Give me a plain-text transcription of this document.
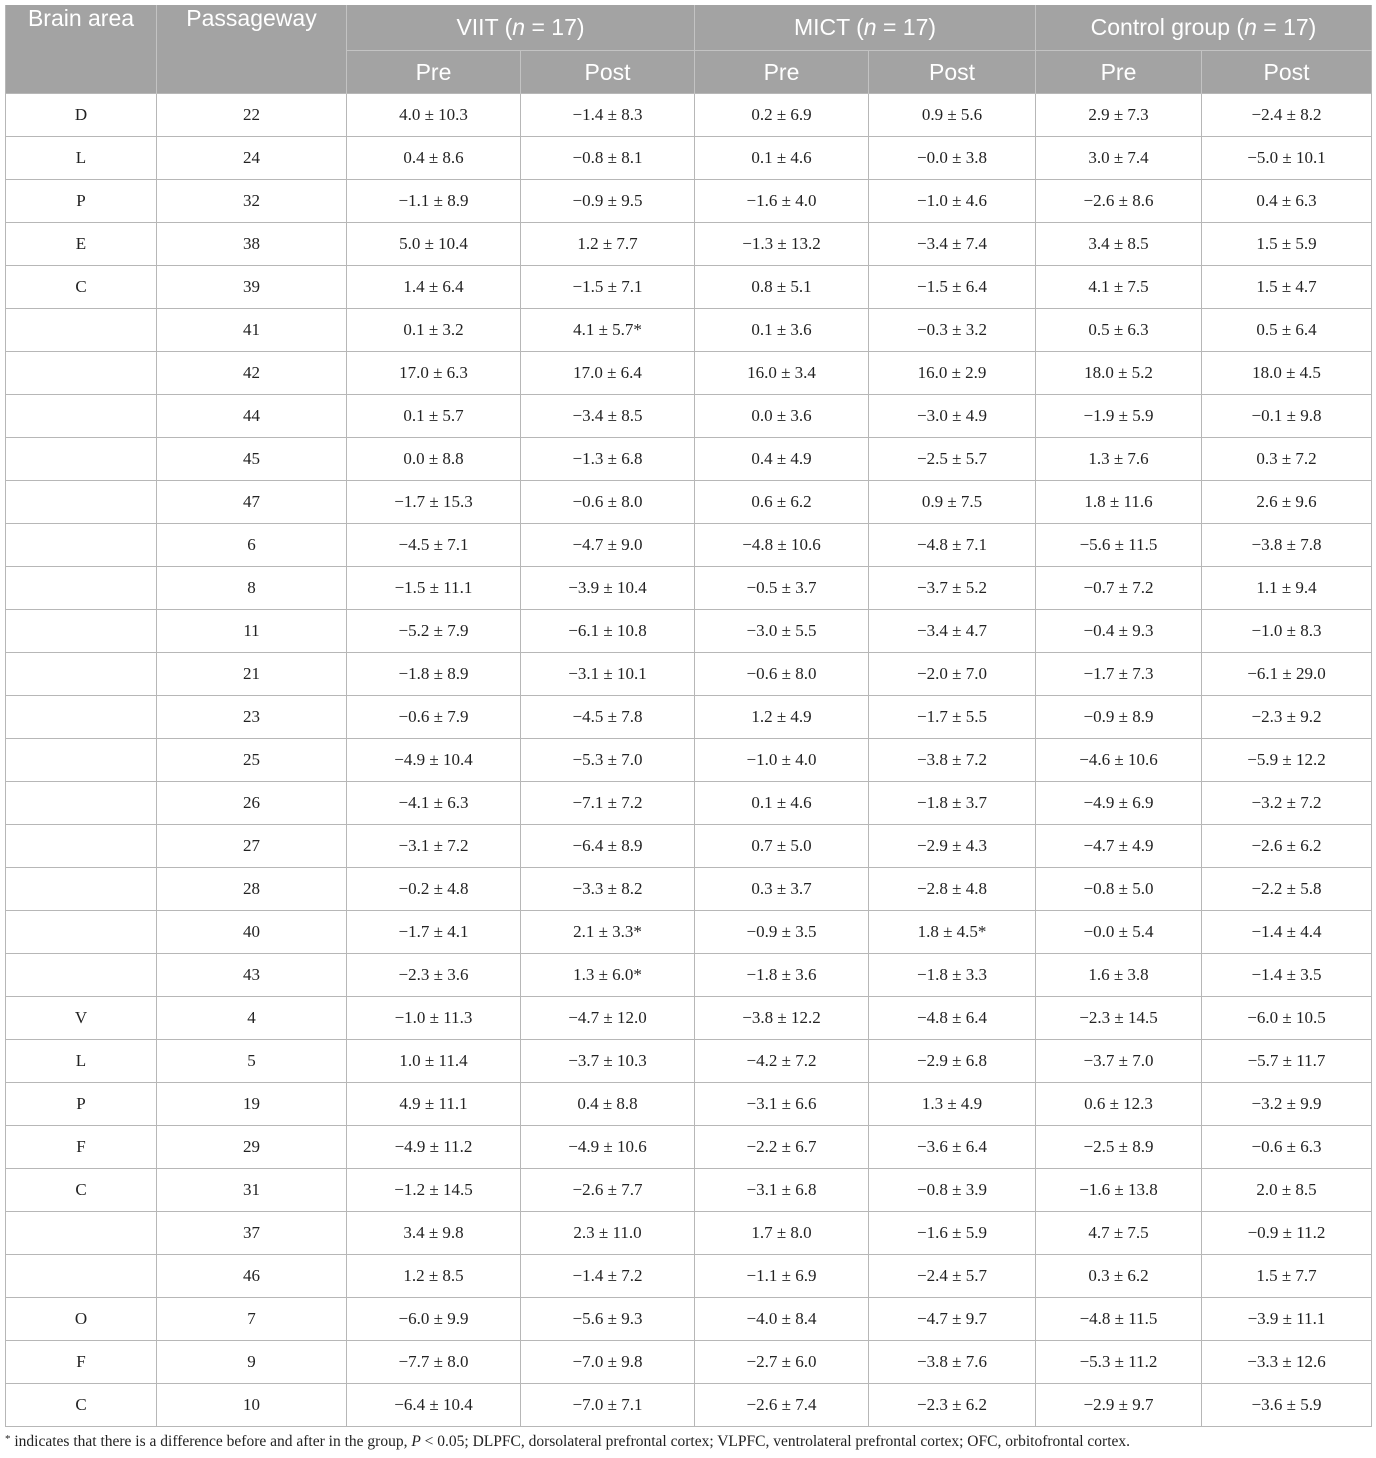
Brain area	Passageway	VIIT (n = 17)		MICT (n = 17)		Control group (n = 17)	
		Pre	Post	Pre	Post	Pre	Post
D	22	4.0 ± 10.3	−1.4 ± 8.3	0.2 ± 6.9	0.9 ± 5.6	2.9 ± 7.3	−2.4 ± 8.2
L	24	0.4 ± 8.6	−0.8 ± 8.1	0.1 ± 4.6	−0.0 ± 3.8	3.0 ± 7.4	−5.0 ± 10.1
P	32	−1.1 ± 8.9	−0.9 ± 9.5	−1.6 ± 4.0	−1.0 ± 4.6	−2.6 ± 8.6	0.4 ± 6.3
E	38	5.0 ± 10.4	1.2 ± 7.7	−1.3 ± 13.2	−3.4 ± 7.4	3.4 ± 8.5	1.5 ± 5.9
C	39	1.4 ± 6.4	−1.5 ± 7.1	0.8 ± 5.1	−1.5 ± 6.4	4.1 ± 7.5	1.5 ± 4.7
	41	0.1 ± 3.2	4.1 ± 5.7*	0.1 ± 3.6	−0.3 ± 3.2	0.5 ± 6.3	0.5 ± 6.4
	42	17.0 ± 6.3	17.0 ± 6.4	16.0 ± 3.4	16.0 ± 2.9	18.0 ± 5.2	18.0 ± 4.5
	44	0.1 ± 5.7	−3.4 ± 8.5	0.0 ± 3.6	−3.0 ± 4.9	−1.9 ± 5.9	−0.1 ± 9.8
	45	0.0 ± 8.8	−1.3 ± 6.8	0.4 ± 4.9	−2.5 ± 5.7	1.3 ± 7.6	0.3 ± 7.2
	47	−1.7 ± 15.3	−0.6 ± 8.0	0.6 ± 6.2	0.9 ± 7.5	1.8 ± 11.6	2.6 ± 9.6
	6	−4.5 ± 7.1	−4.7 ± 9.0	−4.8 ± 10.6	−4.8 ± 7.1	−5.6 ± 11.5	−3.8 ± 7.8
	8	−1.5 ± 11.1	−3.9 ± 10.4	−0.5 ± 3.7	−3.7 ± 5.2	−0.7 ± 7.2	1.1 ± 9.4
	11	−5.2 ± 7.9	−6.1 ± 10.8	−3.0 ± 5.5	−3.4 ± 4.7	−0.4 ± 9.3	−1.0 ± 8.3
	21	−1.8 ± 8.9	−3.1 ± 10.1	−0.6 ± 8.0	−2.0 ± 7.0	−1.7 ± 7.3	−6.1 ± 29.0
	23	−0.6 ± 7.9	−4.5 ± 7.8	1.2 ± 4.9	−1.7 ± 5.5	−0.9 ± 8.9	−2.3 ± 9.2
	25	−4.9 ± 10.4	−5.3 ± 7.0	−1.0 ± 4.0	−3.8 ± 7.2	−4.6 ± 10.6	−5.9 ± 12.2
	26	−4.1 ± 6.3	−7.1 ± 7.2	0.1 ± 4.6	−1.8 ± 3.7	−4.9 ± 6.9	−3.2 ± 7.2
	27	−3.1 ± 7.2	−6.4 ± 8.9	0.7 ± 5.0	−2.9 ± 4.3	−4.7 ± 4.9	−2.6 ± 6.2
	28	−0.2 ± 4.8	−3.3 ± 8.2	0.3 ± 3.7	−2.8 ± 4.8	−0.8 ± 5.0	−2.2 ± 5.8
	40	−1.7 ± 4.1	2.1 ± 3.3*	−0.9 ± 3.5	1.8 ± 4.5*	−0.0 ± 5.4	−1.4 ± 4.4
	43	−2.3 ± 3.6	1.3 ± 6.0*	−1.8 ± 3.6	−1.8 ± 3.3	1.6 ± 3.8	−1.4 ± 3.5
V	4	−1.0 ± 11.3	−4.7 ± 12.0	−3.8 ± 12.2	−4.8 ± 6.4	−2.3 ± 14.5	−6.0 ± 10.5
L	5	1.0 ± 11.4	−3.7 ± 10.3	−4.2 ± 7.2	−2.9 ± 6.8	−3.7 ± 7.0	−5.7 ± 11.7
P	19	4.9 ± 11.1	0.4 ± 8.8	−3.1 ± 6.6	1.3 ± 4.9	0.6 ± 12.3	−3.2 ± 9.9
F	29	−4.9 ± 11.2	−4.9 ± 10.6	−2.2 ± 6.7	−3.6 ± 6.4	−2.5 ± 8.9	−0.6 ± 6.3
C	31	−1.2 ± 14.5	−2.6 ± 7.7	−3.1 ± 6.8	−0.8 ± 3.9	−1.6 ± 13.8	2.0 ± 8.5
	37	3.4 ± 9.8	2.3 ± 11.0	1.7 ± 8.0	−1.6 ± 5.9	4.7 ± 7.5	−0.9 ± 11.2
	46	1.2 ± 8.5	−1.4 ± 7.2	−1.1 ± 6.9	−2.4 ± 5.7	0.3 ± 6.2	1.5 ± 7.7
O	7	−6.0 ± 9.9	−5.6 ± 9.3	−4.0 ± 8.4	−4.7 ± 9.7	−4.8 ± 11.5	−3.9 ± 11.1
F	9	−7.7 ± 8.0	−7.0 ± 9.8	−2.7 ± 6.0	−3.8 ± 7.6	−5.3 ± 11.2	−3.3 ± 12.6
C	10	−6.4 ± 10.4	−7.0 ± 7.1	−2.6 ± 7.4	−2.3 ± 6.2	−2.9 ± 9.7	−3.6 ± 5.9
* indicates that there is a difference before and after in the group, P < 0.05; DLPFC, dorsolateral prefrontal cortex; VLPFC, ventrolateral prefrontal cortex; OFC, orbitofrontal cortex.
